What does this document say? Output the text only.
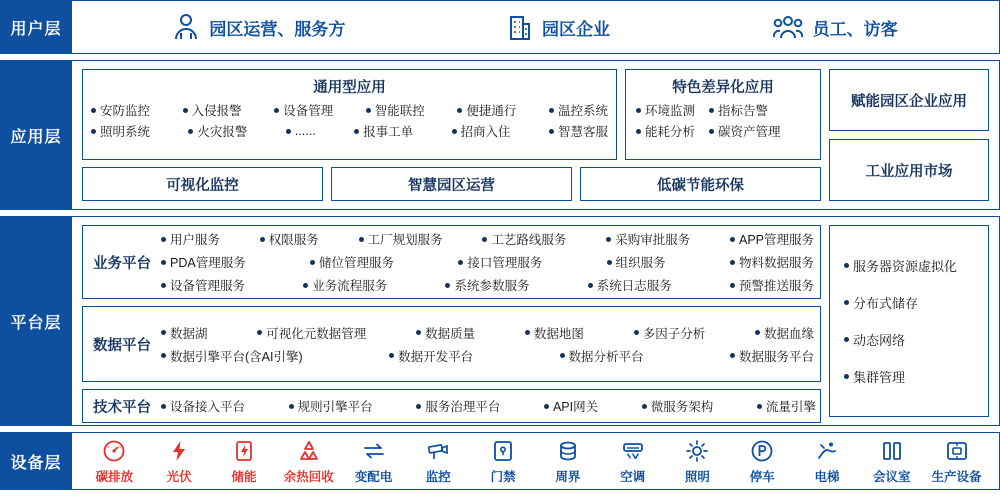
用户层	园区运营、服务方	园区企业	员工、访客
应用层
通用型应用
安防监控	入侵报警	设备管理	智能联控	便捷通行	温控系统
照明系统	火灾报警	......	报事工单	招商入住	智慧客服
特色差异化应用
环境监测	指标告警
能耗分析	碳资产管理
可视化监控	智慧园区运营	低碳节能环保
赋能园区企业应用
工业应用市场
平台层
业务平台
用户服务	权限服务	工厂规划服务	工艺路线服务	采购审批服务	APP管理服务
PDA管理服务	储位管理服务	接口管理服务	组织服务	物料数据服务
设备管理服务	业务流程服务	系统参数服务	系统日志服务	预警推送服务
数据平台
数据湖	可视化元数据管理	数据质量	数据地图	多因子分析	数据血缘
数据引擎平台(含AI引擎)	数据开发平台	数据分析平台	数据服务平台
技术平台	设备接入平台	规则引擎平台	服务治理平台	API网关	微服务架构	流量引擎
服务器资源虚拟化
分布式储存
动态网络
集群管理
设备层
碳排放	光伏	储能 余热回收 变配电	监控	门禁	周界	空调	照明	停车	电梯	会议室 生产设备
